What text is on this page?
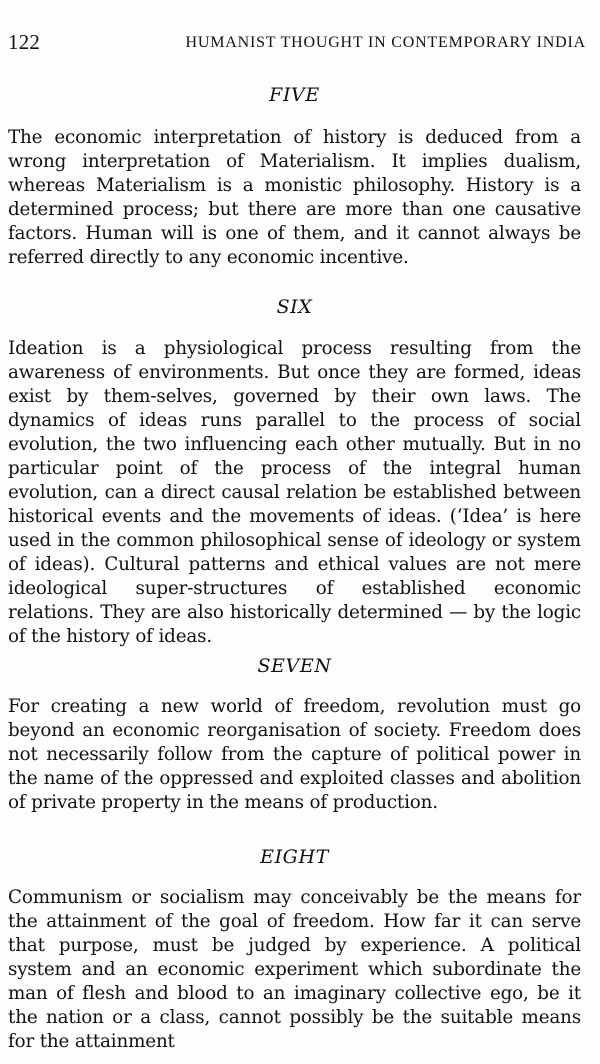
122	HUMANIST THOUGHT IN CONTEMPORARY INDIA
FIVE

The economic interpretation of history is deduced from a wrong interpretation of Materialism. It implies dualism, whereas Materialism is a monistic philosophy. History is a determined process; but there are more than one causative factors. Human will is one of them, and it cannot always be referred directly to any economic incentive.

SIX

Ideation is a physiological process resulting from the awareness of environments. But once they are formed, ideas exist by them-selves, governed by their own laws. The dynamics of ideas runs parallel to the process of social evolution, the two influencing each other mutually. But in no particular point of the process of the integral human evolution, can a direct causal relation be established between historical events and the movements of ideas. (‘Idea’ is here used in the common philosophical sense of ideology or system of ideas). Cultural patterns and ethical values are not mere ideological super-structures of established economic relations. They are also historically determined — by the logic of the history of ideas.

SEVEN

For creating a new world of freedom, revolution must go beyond an economic reorganisation of society. Freedom does not necessarily follow from the capture of political power in the name of the oppressed and exploited classes and abolition of private property in the means of production.

EIGHT

Communism or socialism may conceivably be the means for the attainment of the goal of freedom. How far it can serve that purpose, must be judged by experience. A political system and an economic experiment which subordinate the man of flesh and blood to an imaginary collective ego, be it the nation or a class, cannot possibly be the suitable means for the attainment
